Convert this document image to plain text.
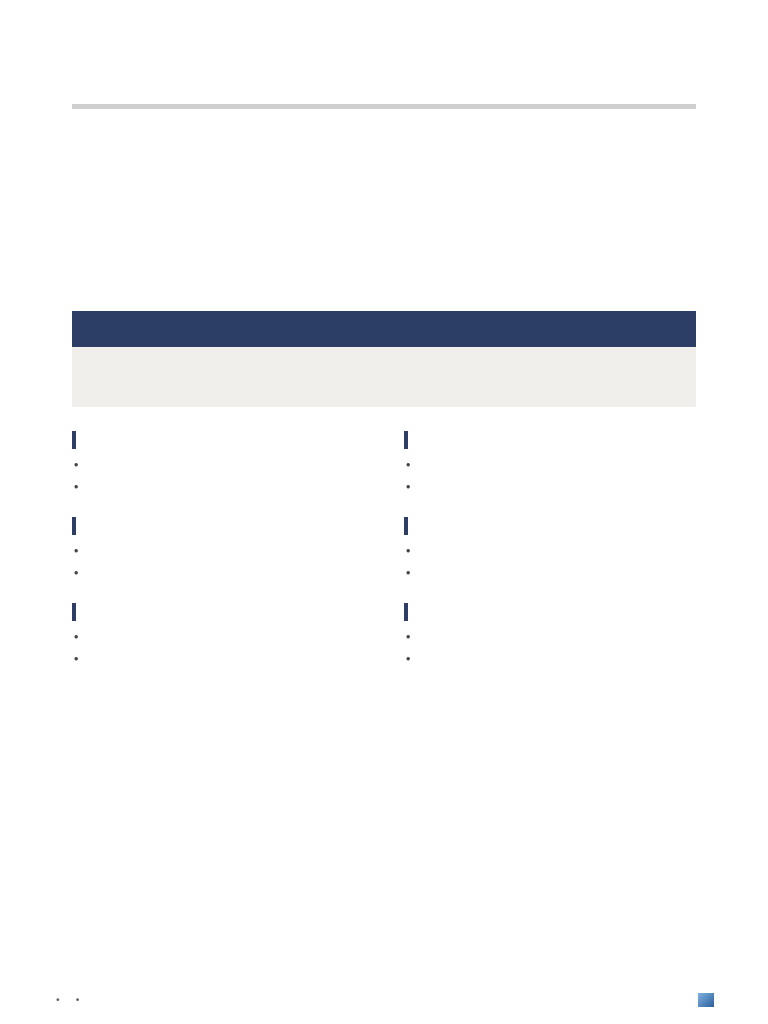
•
•
•
•
•
•
•
•
•
•
•
•
• •
